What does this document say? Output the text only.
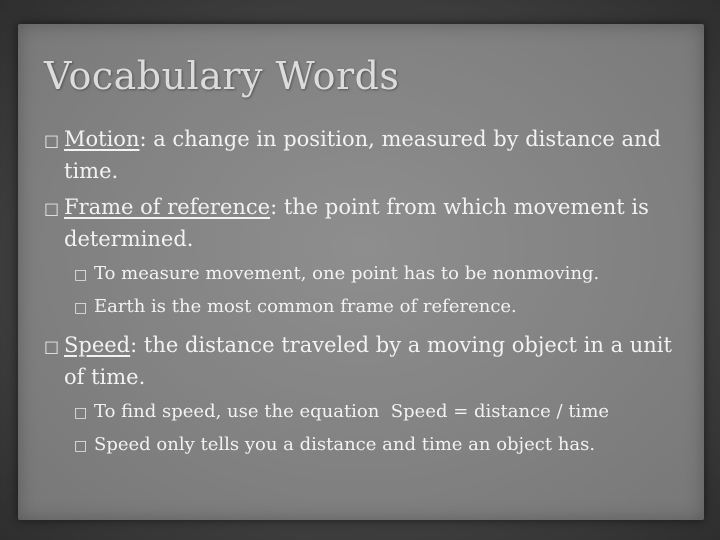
Vocabulary Words
□ Motion: a change in position, measured by distance and time.
□ Frame of reference: the point from which movement is determined.
□ To measure movement, one point has to be nonmoving.
□ Earth is the most common frame of reference.
□ Speed: the distance traveled by a moving object in a unit of time.
□ To find speed, use the equation  Speed = distance / time
□ Speed only tells you a distance and time an object has.
